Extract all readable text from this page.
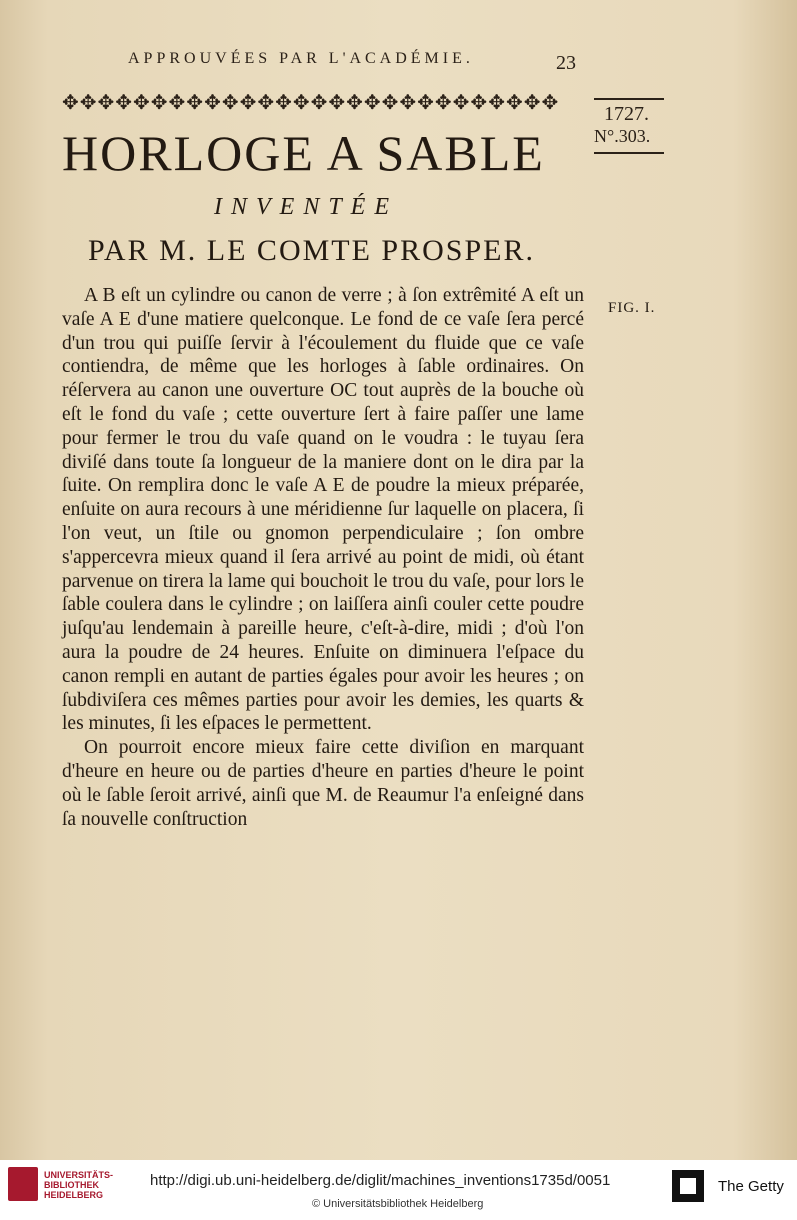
APPROUVÉES PAR L'ACADÉMIE.	23
✥✥✥✥✥✥✥✥✥✥✥✥✥✥✥✥✥✥✥✥✥✥✥✥✥✥✥✥	1727.
N°.303.
HORLOGE A SABLE
INVENTÉE
PAR M. LE COMTE PROSPER.
FIG. I.

A B eſt un cylindre ou canon de verre ; à ſon extrêmité A eſt un vaſe A E d'une matiere quelconque. Le fond de ce vaſe ſera percé d'un trou qui puiſſe ſervir à l'écoulement du fluide que ce vaſe contiendra, de même que les horloges à ſable ordinaires. On réſervera au canon une ouverture OC tout auprès de la bouche où eſt le fond du vaſe ; cette ouverture ſert à faire paſſer une lame pour fermer le trou du vaſe quand on le voudra : le tuyau ſera diviſé dans toute ſa longueur de la maniere dont on le dira par la ſuite. On remplira donc le vaſe A E de poudre la mieux préparée, enſuite on aura recours à une méridienne ſur laquelle on placera, ſi l'on veut, un ſtile ou gnomon perpendiculaire ; ſon ombre s'appercevra mieux quand il ſera arrivé au point de midi, où étant parvenue on tirera la lame qui bouchoit le trou du vaſe, pour lors le ſable coulera dans le cylindre ; on laiſſera ainſi couler cette poudre juſqu'au lendemain à pareille heure, c'eſt-à-dire, midi ; d'où l'on aura la poudre de 24 heures. Enſuite on diminuera l'eſpace du canon rempli en autant de parties égales pour avoir les heures ; on ſubdiviſera ces mêmes parties pour avoir les demies, les quarts & les minutes, ſi les eſpaces le permettent.

On pourroit encore mieux faire cette diviſion en marquant d'heure en heure ou de parties d'heure en parties d'heure le point où le ſable ſeroit arrivé, ainſi que M. de Reaumur l'a enſeigné dans ſa nouvelle conſtruction

UNIVERSITÄTS-
BIBLIOTHEK
HEIDELBERG
http://digi.ub.uni-heidelberg.de/diglit/machines_inventions1735d/0051
© Universitätsbibliothek Heidelberg
The Getty
